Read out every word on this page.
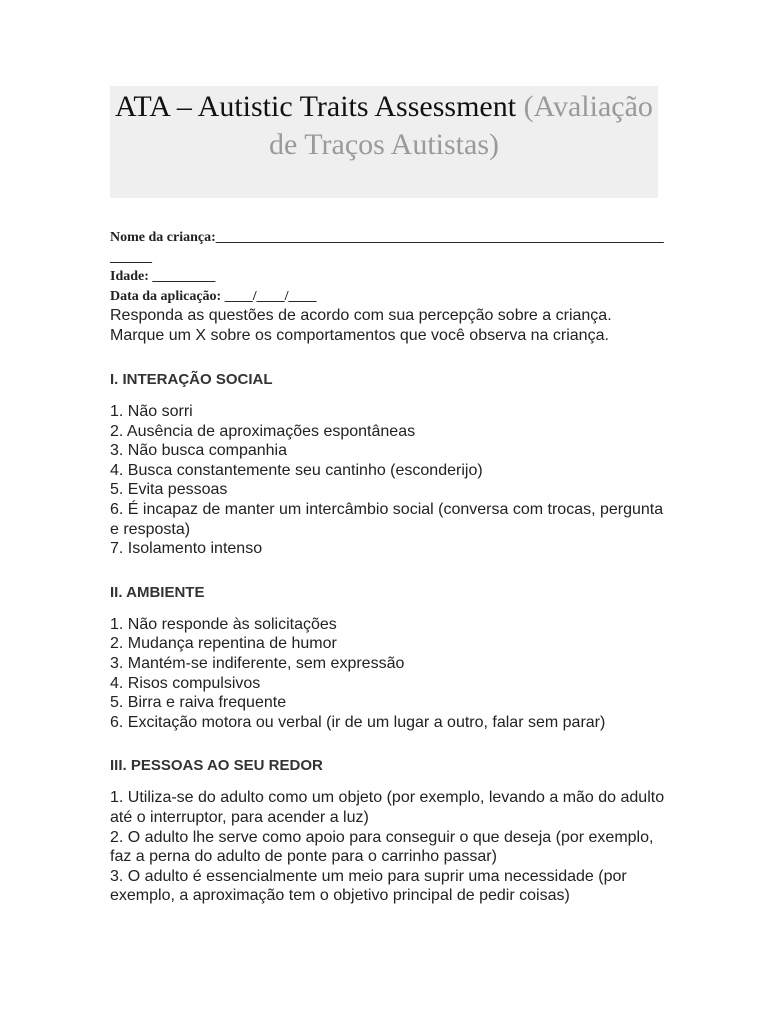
ATA – Autistic Traits Assessment (Avaliação de Traços Autistas)
Nome da criança:______________________________________________________________________
Idade: _________
Data da aplicação: ____/____/____
Responda as questões de acordo com sua percepção sobre a criança.
Marque um X sobre os comportamentos que você observa na criança.
I. INTERAÇÃO SOCIAL
1. Não sorri
2. Ausência de aproximações espontâneas
3. Não busca companhia
4. Busca constantemente seu cantinho (esconderijo)
5. Evita pessoas
6. É incapaz de manter um intercâmbio social (conversa com trocas, pergunta e resposta)
7. Isolamento intenso
II. AMBIENTE
1. Não responde às solicitações
2. Mudança repentina de humor
3. Mantém-se indiferente, sem expressão
4. Risos compulsivos
5. Birra e raiva frequente
6. Excitação motora ou verbal (ir de um lugar a outro, falar sem parar)
III. PESSOAS AO SEU REDOR
1. Utiliza-se do adulto como um objeto (por exemplo, levando a mão do adulto até o interruptor, para acender a luz)
2. O adulto lhe serve como apoio para conseguir o que deseja (por exemplo, faz a perna do adulto de ponte para o carrinho passar)
3. O adulto é essencialmente um meio para suprir uma necessidade (por exemplo, a aproximação tem o objetivo principal de pedir coisas)
